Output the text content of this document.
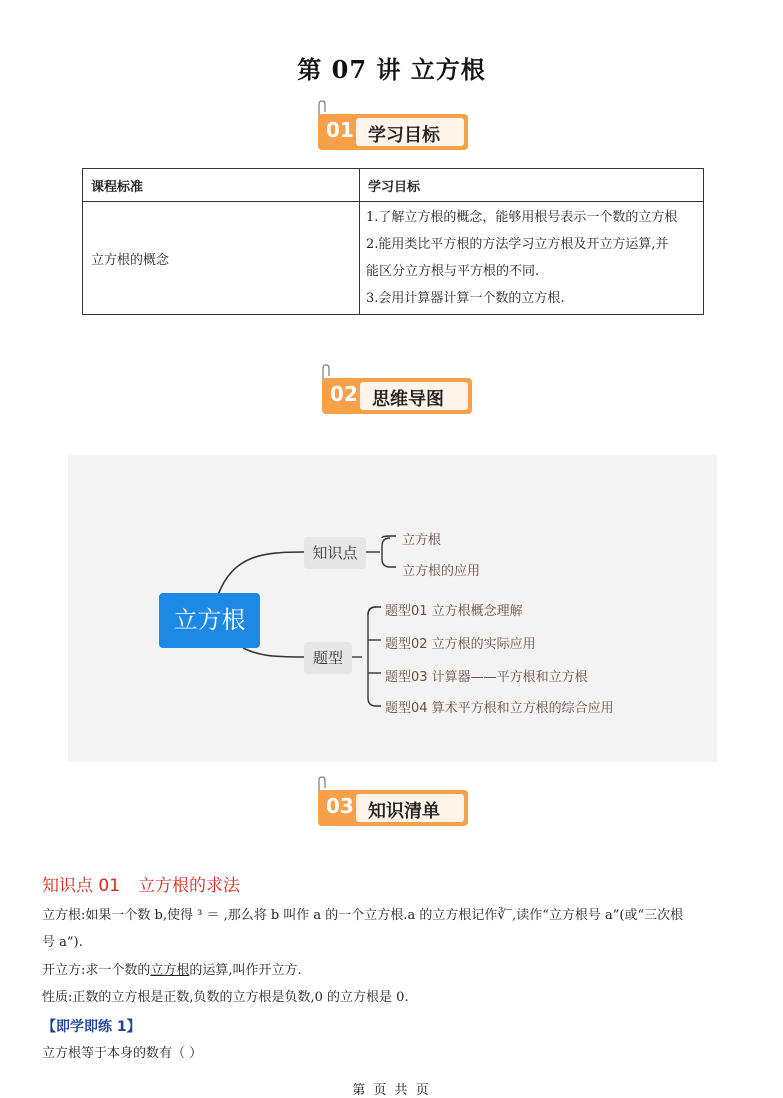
第 07 讲 立方根
01 学习目标
课程标准	学习目标
立方根的概念	1.了解立方根的概念，能够用根号表示一个数的立方根
2.能用类比平方根的方法学习立方根及开立方运算,并
能区分立方根与平方根的不同.
3.会用计算器计算一个数的立方根.
02 思维导图
立方根
知识点
题型
立方根
立方根的应用
题型01 立方根概念理解
题型02 立方根的实际应用
题型03 计算器——平方根和立方根
题型04 算术平方根和立方根的综合应用
03 知识清单
知识点 01 立方根的求法
立方根:如果一个数 b,使得 ³ ＝ ,那么将 b 叫作 a 的一个立方根.a 的立方根记作∛‾,读作“立方根号 a”(或“三次根
号 a”).
开立方:求一个数的立方根的运算,叫作开立方.
性质:正数的立方根是正数,负数的立方根是负数,0 的立方根是 0.
【即学即练 1】
立方根等于本身的数有（ ）
第 页 共 页
